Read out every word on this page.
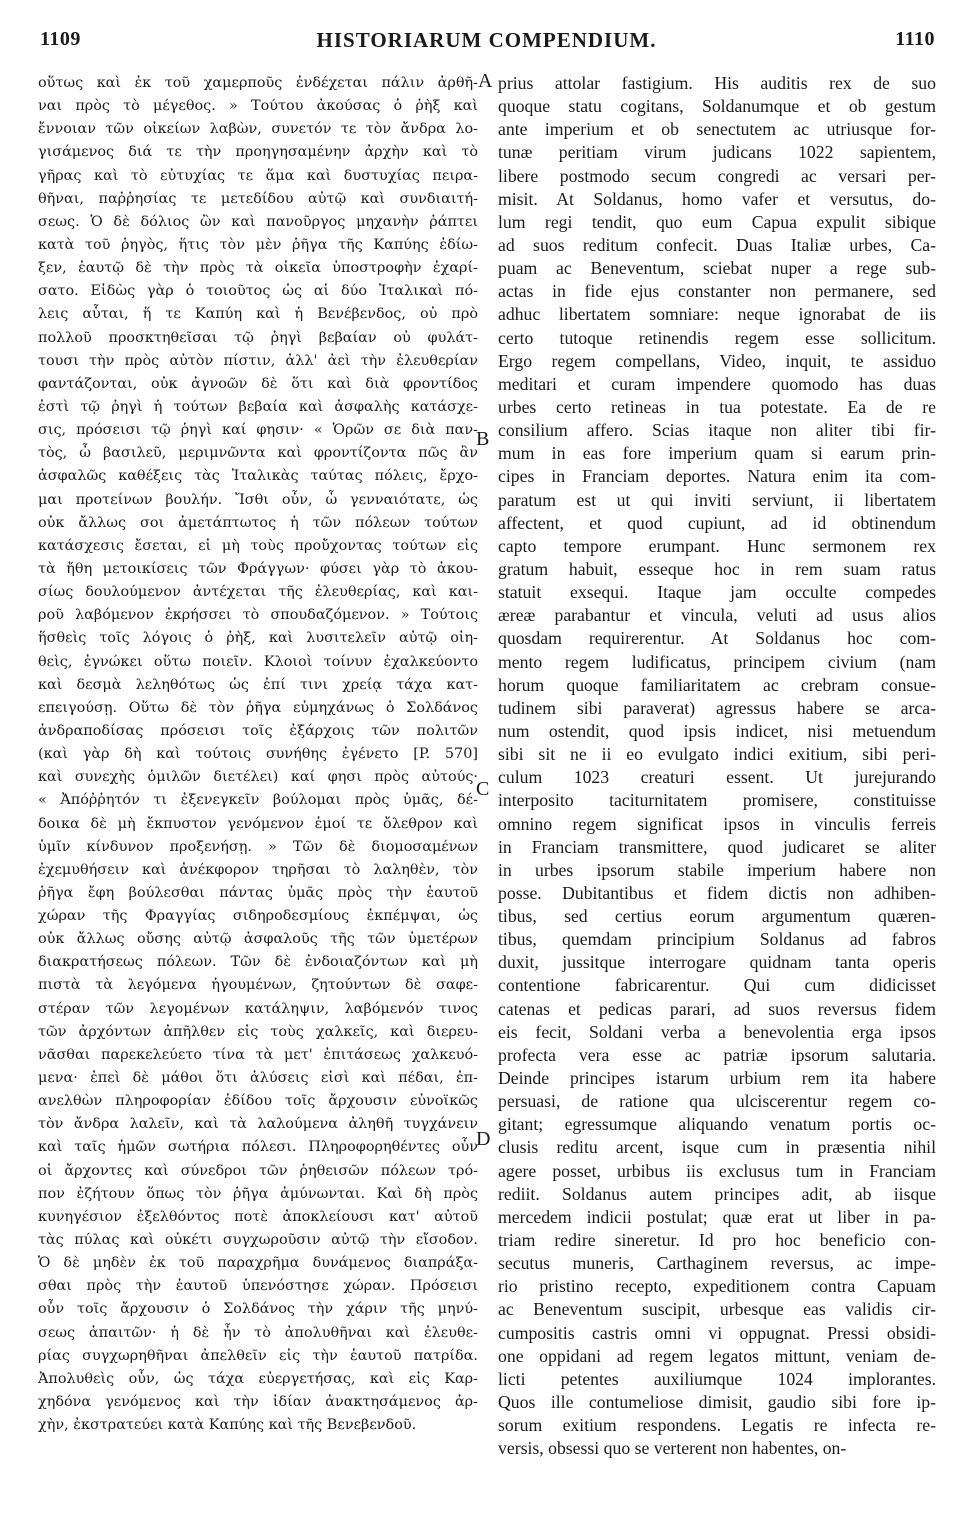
1109	HISTORIARUM COMPENDIUM.	1110
οὕτως καὶ ἐκ τοῦ χαμερποῦς ἐνδέχεται πάλιν ἀρθῆ-
ναι πρὸς τὸ μέγεθος. » Τούτου ἀκούσας ὁ ῥὴξ καὶ
ἔννοιαν τῶν οἰκείων λαβὼν, συνετόν τε τὸν ἄνδρα λο-
γισάμενος διά τε τὴν προηγησαμένην ἀρχὴν καὶ τὸ
γῆρας καὶ τὸ εὐτυχίας τε ἅμα καὶ δυστυχίας πειρα-
θῆναι, παῤῥησίας τε μετεδίδου αὐτῷ καὶ συνδιαιτή-
σεως. Ὁ δὲ δόλιος ὢν καὶ πανοῦργος μηχανὴν ῥάπτει
κατὰ τοῦ ῥηγὸς, ἥτις τὸν μὲν ῥῆγα τῆς Καπύης ἐδίω-
ξεν, ἑαυτῷ δὲ τὴν πρὸς τὰ οἰκεῖα ὑποστροφὴν ἐχαρί-
σατο. Εἰδὼς γὰρ ὁ τοιοῦτος ὡς αἱ δύο Ἰταλικαὶ πό-
λεις αὗται, ἥ τε Καπύη καὶ ἡ Βενέβενδος, οὐ πρὸ
πολλοῦ προσκτηθεῖσαι τῷ ῥηγὶ βεβαίαν οὐ φυλάτ-
τουσι τὴν πρὸς αὐτὸν πίστιν, ἀλλ' ἀεὶ τὴν ἐλευθερίαν
φαντάζονται, οὐκ ἀγνοῶν δὲ ὅτι καὶ διὰ φροντίδος
ἐστὶ τῷ ῥηγὶ ἡ τούτων βεβαία καὶ ἀσφαλὴς κατάσχε-
σις, πρόσεισι τῷ ῥηγὶ καί φησιν· « Ὁρῶν σε διὰ παν-
τὸς, ὦ βασιλεῦ, μεριμνῶντα καὶ φροντίζοντα πῶς ἂν
ἀσφαλῶς καθέξεις τὰς Ἰταλικὰς ταύτας πόλεις, ἔρχο-
μαι προτείνων βουλήν. Ἴσθι οὖν, ὦ γενναιότατε, ὡς
οὐκ ἄλλως σοι ἀμετάπτωτος ἡ τῶν πόλεων τούτων
κατάσχεσις ἔσεται, εἰ μὴ τοὺς προὔχοντας τούτων εἰς
τὰ ἤθη μετοικίσεις τῶν Φράγγων· φύσει γὰρ τὸ ἀκου-
σίως δουλούμενον ἀντέχεται τῆς ἐλευθερίας, καὶ και-
ροῦ λαβόμενον ἐκρήσσει τὸ σπουδαζόμενον. » Τούτοις
ἥσθεὶς τοῖς λόγοις ὁ ῥὴξ, καὶ λυσιτελεῖν αὐτῷ οἰη-
θεὶς, ἐγνώκει οὕτω ποιεῖν. Κλοιοὶ τοίνυν ἐχαλκεύοντο
καὶ δεσμὰ λεληθότως ὡς ἐπί τινι χρείᾳ τάχα κατ-
επειγούσῃ. Οὕτω δὲ τὸν ῥῆγα εὐμηχάνως ὁ Σολδάνος
ἀνδραποδίσας πρόσεισι τοῖς ἐξάρχοις τῶν πολιτῶν
(καὶ γὰρ δὴ καὶ τούτοις συνήθης ἐγένετο [P. 570]
καὶ συνεχὴς ὁμιλῶν διετέλει) καί φησι πρὸς αὐτούς·
« Ἀπόῤῥητόν τι ἐξενεγκεῖν βούλομαι πρὸς ὑμᾶς, δέ-
δοικα δὲ μὴ ἔκπυστον γενόμενον ἐμοί τε ὄλεθρον καὶ
ὑμῖν κίνδυνον προξενήσῃ. » Τῶν δὲ διομοσαμένων
ἐχεμυθήσειν καὶ ἀνέκφορον τηρῆσαι τὸ λαληθὲν, τὸν
ῥῆγα ἔφη βούλεσθαι πάντας ὑμᾶς πρὸς τὴν ἑαυτοῦ
χώραν τῆς Φραγγίας σιδηροδεσμίους ἐκπέμψαι, ὡς
οὐκ ἄλλως οὔσης αὐτῷ ἀσφαλοῦς τῆς τῶν ὑμετέρων
διακρατήσεως πόλεων. Τῶν δὲ ἐνδοιαζόντων καὶ μὴ
πιστὰ τὰ λεγόμενα ἡγουμένων, ζητούντων δὲ σαφε-
στέραν τῶν λεγομένων κατάληψιν, λαβόμενόν τινος
τῶν ἀρχόντων ἀπῆλθεν εἰς τοὺς χαλκεῖς, καὶ διερευ-
νᾶσθαι παρεκελεύετο τίνα τὰ μετ' ἐπιτάσεως χαλκευό-
μενα· ἐπεὶ δὲ μάθοι ὅτι ἁλύσεις εἰσὶ καὶ πέδαι, ἐπ-
ανελθὼν πληροφορίαν ἐδίδου τοῖς ἄρχουσιν εὐνοϊκῶς
τὸν ἄνδρα λαλεῖν, καὶ τὰ λαλούμενα ἀληθῆ τυγχάνειν
καὶ ταῖς ἡμῶν σωτήρια πόλεσι. Πληροφορηθέντες οὖν
οἱ ἄρχοντες καὶ σύνεδροι τῶν ῥηθεισῶν πόλεων τρό-
πον ἐζήτουν ὅπως τὸν ῥῆγα ἀμύνωνται. Καὶ δὴ πρὸς
κυνηγέσιον ἐξελθόντος ποτὲ ἀποκλείουσι κατ' αὐτοῦ
τὰς πύλας καὶ οὐκέτι συγχωροῦσιν αὐτῷ τὴν εἴσοδον.
Ὁ δὲ μηδὲν ἐκ τοῦ παραχρῆμα δυνάμενος διαπράξα-
σθαι πρὸς τὴν ἑαυτοῦ ὑπενόστησε χώραν. Πρόσεισι
οὖν τοῖς ἄρχουσιν ὁ Σολδάνος τὴν χάριν τῆς μηνύ-
σεως ἀπαιτῶν· ἡ δὲ ἦν τὸ ἀπολυθῆναι καὶ ἐλευθε-
ρίας συγχωρηθῆναι ἀπελθεῖν εἰς τὴν ἑαυτοῦ πατρίδα.
Ἀπολυθεὶς οὖν, ὡς τάχα εὐεργετήσας, καὶ εἰς Καρ-
χηδόνα γενόμενος καὶ τὴν ἰδίαν ἀνακτησάμενος ἀρ-
χὴν, ἐκστρατεύει κατὰ Καπύης καὶ τῆς Βενεβενδοῦ.
A
B
C
D
prius attolar fastigium. His auditis rex de suo
quoque statu cogitans, Soldanumque et ob gestum
ante imperium et ob senectutem ac utriusque for-
tunæ peritiam virum judicans 1022 sapientem,
libere postmodo secum congredi ac versari per-
misit. At Soldanus, homo vafer et versutus, do-
lum regi tendit, quo eum Capua expulit sibique
ad suos reditum confecit. Duas Italiæ urbes, Ca-
puam ac Beneventum, sciebat nuper a rege sub-
actas in fide ejus constanter non permanere, sed
adhuc libertatem somniare: neque ignorabat de iis
certo tutoque retinendis regem esse sollicitum.
Ergo regem compellans, Video, inquit, te assiduo
meditari et curam impendere quomodo has duas
urbes certo retineas in tua potestate. Ea de re
consilium affero. Scias itaque non aliter tibi fir-
mum in eas fore imperium quam si earum prin-
cipes in Franciam deportes. Natura enim ita com-
paratum est ut qui inviti serviunt, ii libertatem
affectent, et quod cupiunt, ad id obtinendum
capto tempore erumpant. Hunc sermonem rex
gratum habuit, esseque hoc in rem suam ratus
statuit exsequi. Itaque jam occulte compedes
æreæ parabantur et vincula, veluti ad usus alios
quosdam requirerentur. At Soldanus hoc com-
mento regem ludificatus, principem civium (nam
horum quoque familiaritatem ac crebram consue-
tudinem sibi paraverat) agressus habere se arca-
num ostendit, quod ipsis indicet, nisi metuendum
sibi sit ne ii eo evulgato indici exitium, sibi peri-
culum 1023 creaturi essent. Ut jurejurando
interposito taciturnitatem promisere, constituisse
omnino regem significat ipsos in vinculis ferreis
in Franciam transmittere, quod judicaret se aliter
in urbes ipsorum stabile imperium habere non
posse. Dubitantibus et fidem dictis non adhiben-
tibus, sed certius eorum argumentum quæren-
tibus, quemdam principium Soldanus ad fabros
duxit, jussitque interrogare quidnam tanta operis
contentione fabricarentur. Qui cum didicisset
catenas et pedicas parari, ad suos reversus fidem
eis fecit, Soldani verba a benevolentia erga ipsos
profecta vera esse ac patriæ ipsorum salutaria.
Deinde principes istarum urbium rem ita habere
persuasi, de ratione qua ulciscerentur regem co-
gitant; egressumque aliquando venatum portis oc-
clusis reditu arcent, isque cum in præsentia nihil
agere posset, urbibus iis exclusus tum in Franciam
rediit. Soldanus autem principes adit, ab iisque
mercedem indicii postulat; quæ erat ut liber in pa-
triam redire sineretur. Id pro hoc beneficio con-
secutus muneris, Carthaginem reversus, ac impe-
rio pristino recepto, expeditionem contra Capuam
ac Beneventum suscipit, urbesque eas validis cir-
cumpositis castris omni vi oppugnat. Pressi obsidi-
one oppidani ad regem legatos mittunt, veniam de-
licti petentes auxiliumque 1024 implorantes.
Quos ille contumeliose dimisit, gaudio sibi fore ip-
sorum exitium respondens. Legatis re infecta re-
versis, obsessi quo se verterent non habentes, on-
